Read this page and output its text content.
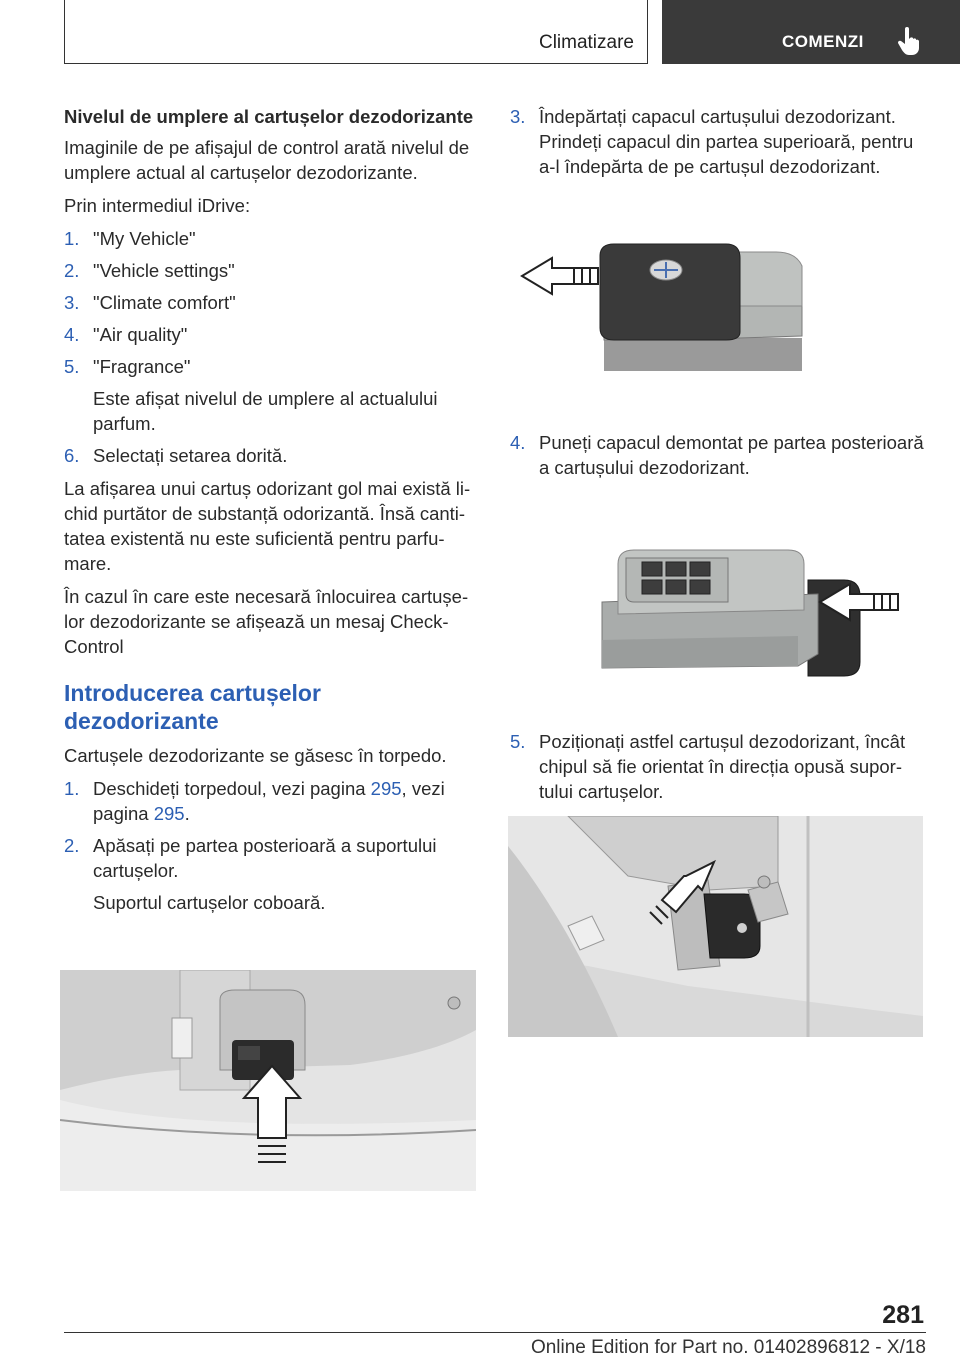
Climatizare	COMENZI
Nivelul de umplere al cartușelor dezodorizante

Imaginile de pe afișajul de control arată nivelul de umplere actual al cartușelor dezodorizante.

Prin intermediul iDrive:

1. "My Vehicle"
2. "Vehicle settings"
3. "Climate comfort"
4. "Air quality"
5. "Fragrance"
Este afișat nivelul de umplere al actualului parfum.
6. Selectați setarea dorită.

La afișarea unui cartuș odorizant gol mai există lichid purtător de substanță odorizantă. Însă cantitatea existentă nu este suficientă pentru parfumare.

În cazul în care este necesară înlocuirea cartușelor dezodorizante se afișează un mesaj Check-Control

Introducerea cartușelor dezodorizante

Cartușele dezodorizante se găsesc în torpedo.

1. Deschideți torpedoul, vezi pagina 295, vezi pagina 295.
2. Apăsați pe partea posterioară a suportului cartușelor.
Suportul cartușelor coboară.
3. Îndepărtați capacul cartușului dezodorizant.
Prindeți capacul din partea superioară, pentru a-l îndepărta de pe cartușul dezodorizant.
4. Puneți capacul demontat pe partea posterioară a cartușului dezodorizant.
5. Poziționați astfel cartușul dezodorizant, încât chipul să fie orientat în direcția opusă suportului cartușelor.
281
Online Edition for Part no. 01402896812 - X/18
